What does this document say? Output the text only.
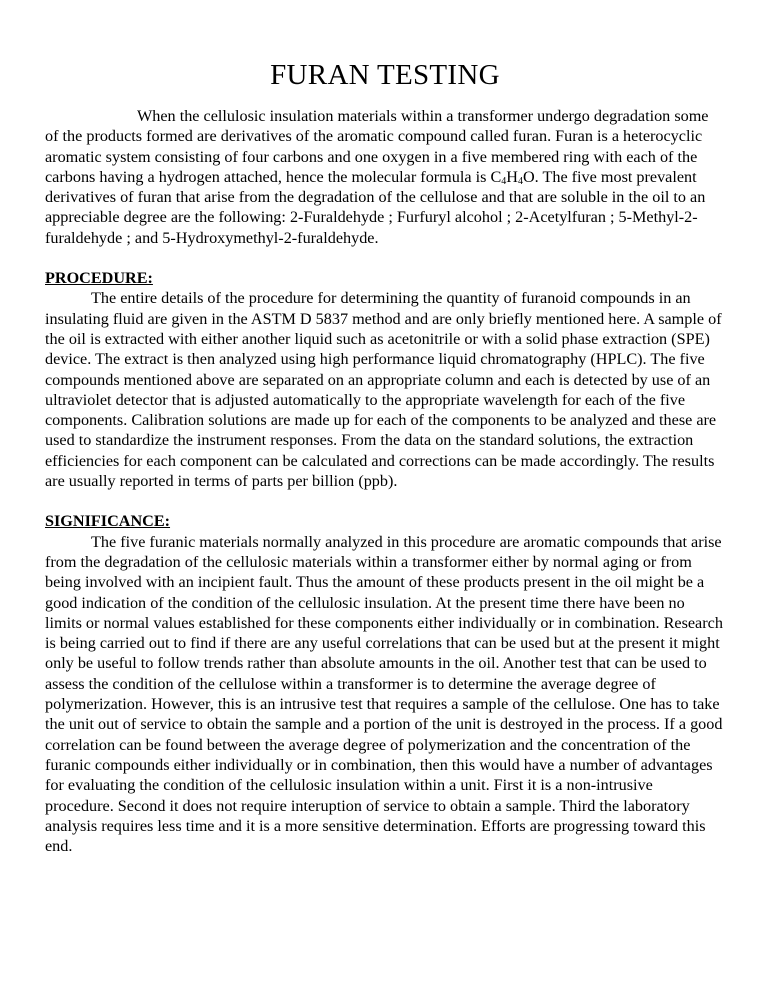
FURAN TESTING

When the cellulosic insulation materials within a transformer undergo degradation some of the products formed are derivatives of the aromatic compound called furan. Furan is a heterocyclic aromatic system consisting of four carbons and one oxygen in a five membered ring with each of the carbons having a hydrogen attached, hence the molecular formula is $C_4H_4O$. The five most prevalent derivatives of furan that arise from the degradation of the cellulose and that are soluble in the oil to an appreciable degree are the following: 2-Furaldehyde ; Furfuryl alcohol ; 2-Acetylfuran ; 5-Methyl-2-furaldehyde ; and 5-Hydroxymethyl-2-furaldehyde.

PROCEDURE:

The entire details of the procedure for determining the quantity of furanoid compounds in an insulating fluid are given in the ASTM D 5837 method and are only briefly mentioned here. A sample of the oil is extracted with either another liquid such as acetonitrile or with a solid phase extraction (SPE) device. The extract is then analyzed using high performance liquid chromatography (HPLC). The five compounds mentioned above are separated on an appropriate column and each is detected by use of an ultraviolet detector that is adjusted automatically to the appropriate wavelength for each of the five components. Calibration solutions are made up for each of the components to be analyzed and these are used to standardize the instrument responses. From the data on the standard solutions, the extraction efficiencies for each component can be calculated and corrections can be made accordingly. The results are usually reported in terms of parts per billion (ppb).

SIGNIFICANCE:

The five furanic materials normally analyzed in this procedure are aromatic compounds that arise from the degradation of the cellulosic materials within a transformer either by normal aging or from being involved with an incipient fault. Thus the amount of these products present in the oil might be a good indication of the condition of the cellulosic insulation. At the present time there have been no limits or normal values established for these components either individually or in combination. Research is being carried out to find if there are any useful correlations that can be used but at the present it might only be useful to follow trends rather than absolute amounts in the oil. Another test that can be used to assess the condition of the cellulose within a transformer is to determine the average degree of polymerization. However, this is an intrusive test that requires a sample of the cellulose. One has to take the unit out of service to obtain the sample and a portion of the unit is destroyed in the process. If a good correlation can be found between the average degree of polymerization and the concentration of the furanic compounds either individually or in combination, then this would have a number of advantages for evaluating the condition of the cellulosic insulation within a unit. First it is a non-intrusive procedure. Second it does not require interuption of service to obtain a sample. Third the laboratory analysis requires less time and it is a more sensitive determination. Efforts are progressing toward this end.
